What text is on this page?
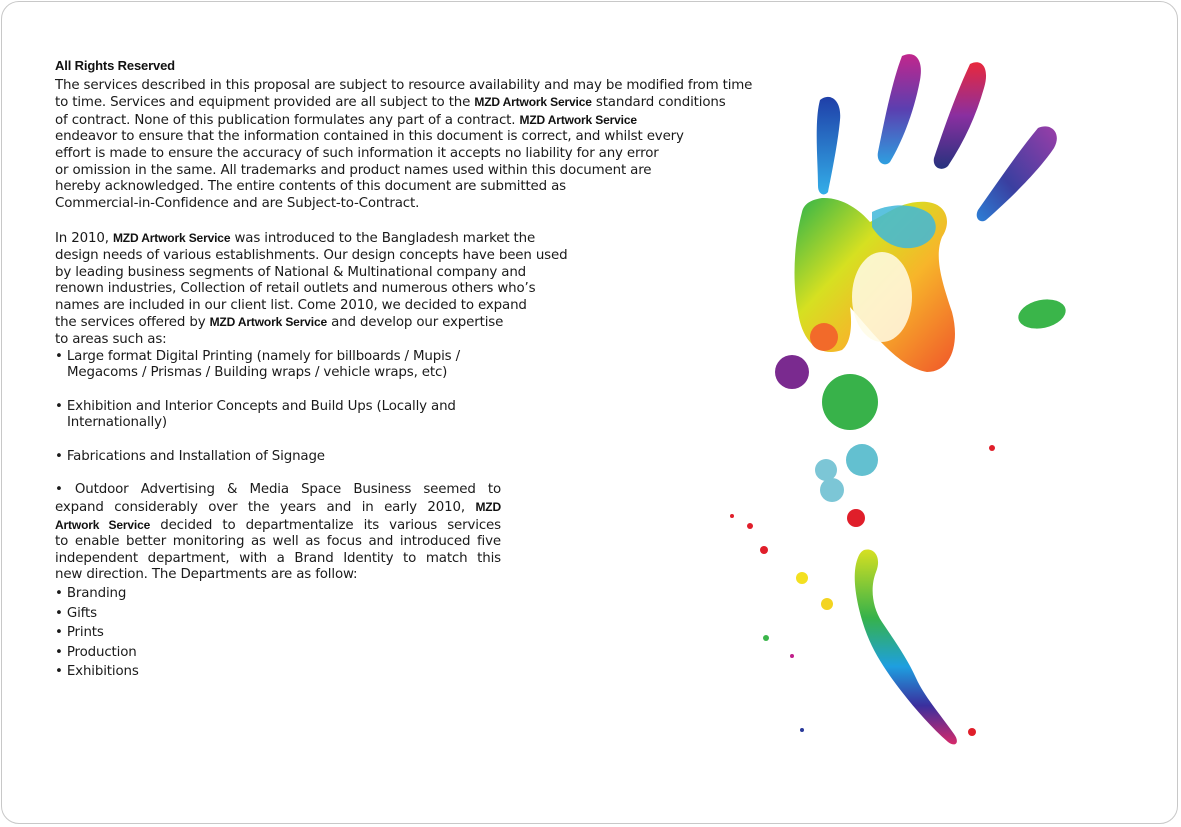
All Rights Reserved
The services described in this proposal are subject to resource availability and may be modified from time
to time. Services and equipment provided are all subject to the MZD Artwork Service standard conditions
of contract. None of this publication formulates any part of a contract. MZD Artwork Service
endeavor to ensure that the information contained in this document is correct, and whilst every
effort is made to ensure the accuracy of such information it accepts no liability for any error
or omission in the same. All trademarks and product names used within this document are
hereby acknowledged. The entire contents of this document are submitted as
Commercial-in-Confidence and are Subject-to-Contract.
In 2010, MZD Artwork Service was introduced to the Bangladesh market the
design needs of various establishments. Our design concepts have been used
by leading business segments of National & Multinational company and
renown industries, Collection of retail outlets and numerous others who’s
names are included in our client list. Come 2010, we decided to expand
the services offered by MZD Artwork Service and develop our expertise
to areas such as:
• Large format Digital Printing (namely for billboards / Mupis /
Megacoms / Prismas / Building wraps / vehicle wraps, etc)
• Exhibition and Interior Concepts and Build Ups (Locally and
Internationally)
• Fabrications and Installation of Signage
• Outdoor Advertising & Media Space Business seemed to
expand considerably over the years and in early 2010, MZD
Artwork Service decided to departmentalize its various services
to enable better monitoring as well as focus and introduced five
independent department, with a Brand Identity to match this
new direction. The Departments are as follow:
• Branding
• Gifts
• Prints
• Production
• Exhibitions
